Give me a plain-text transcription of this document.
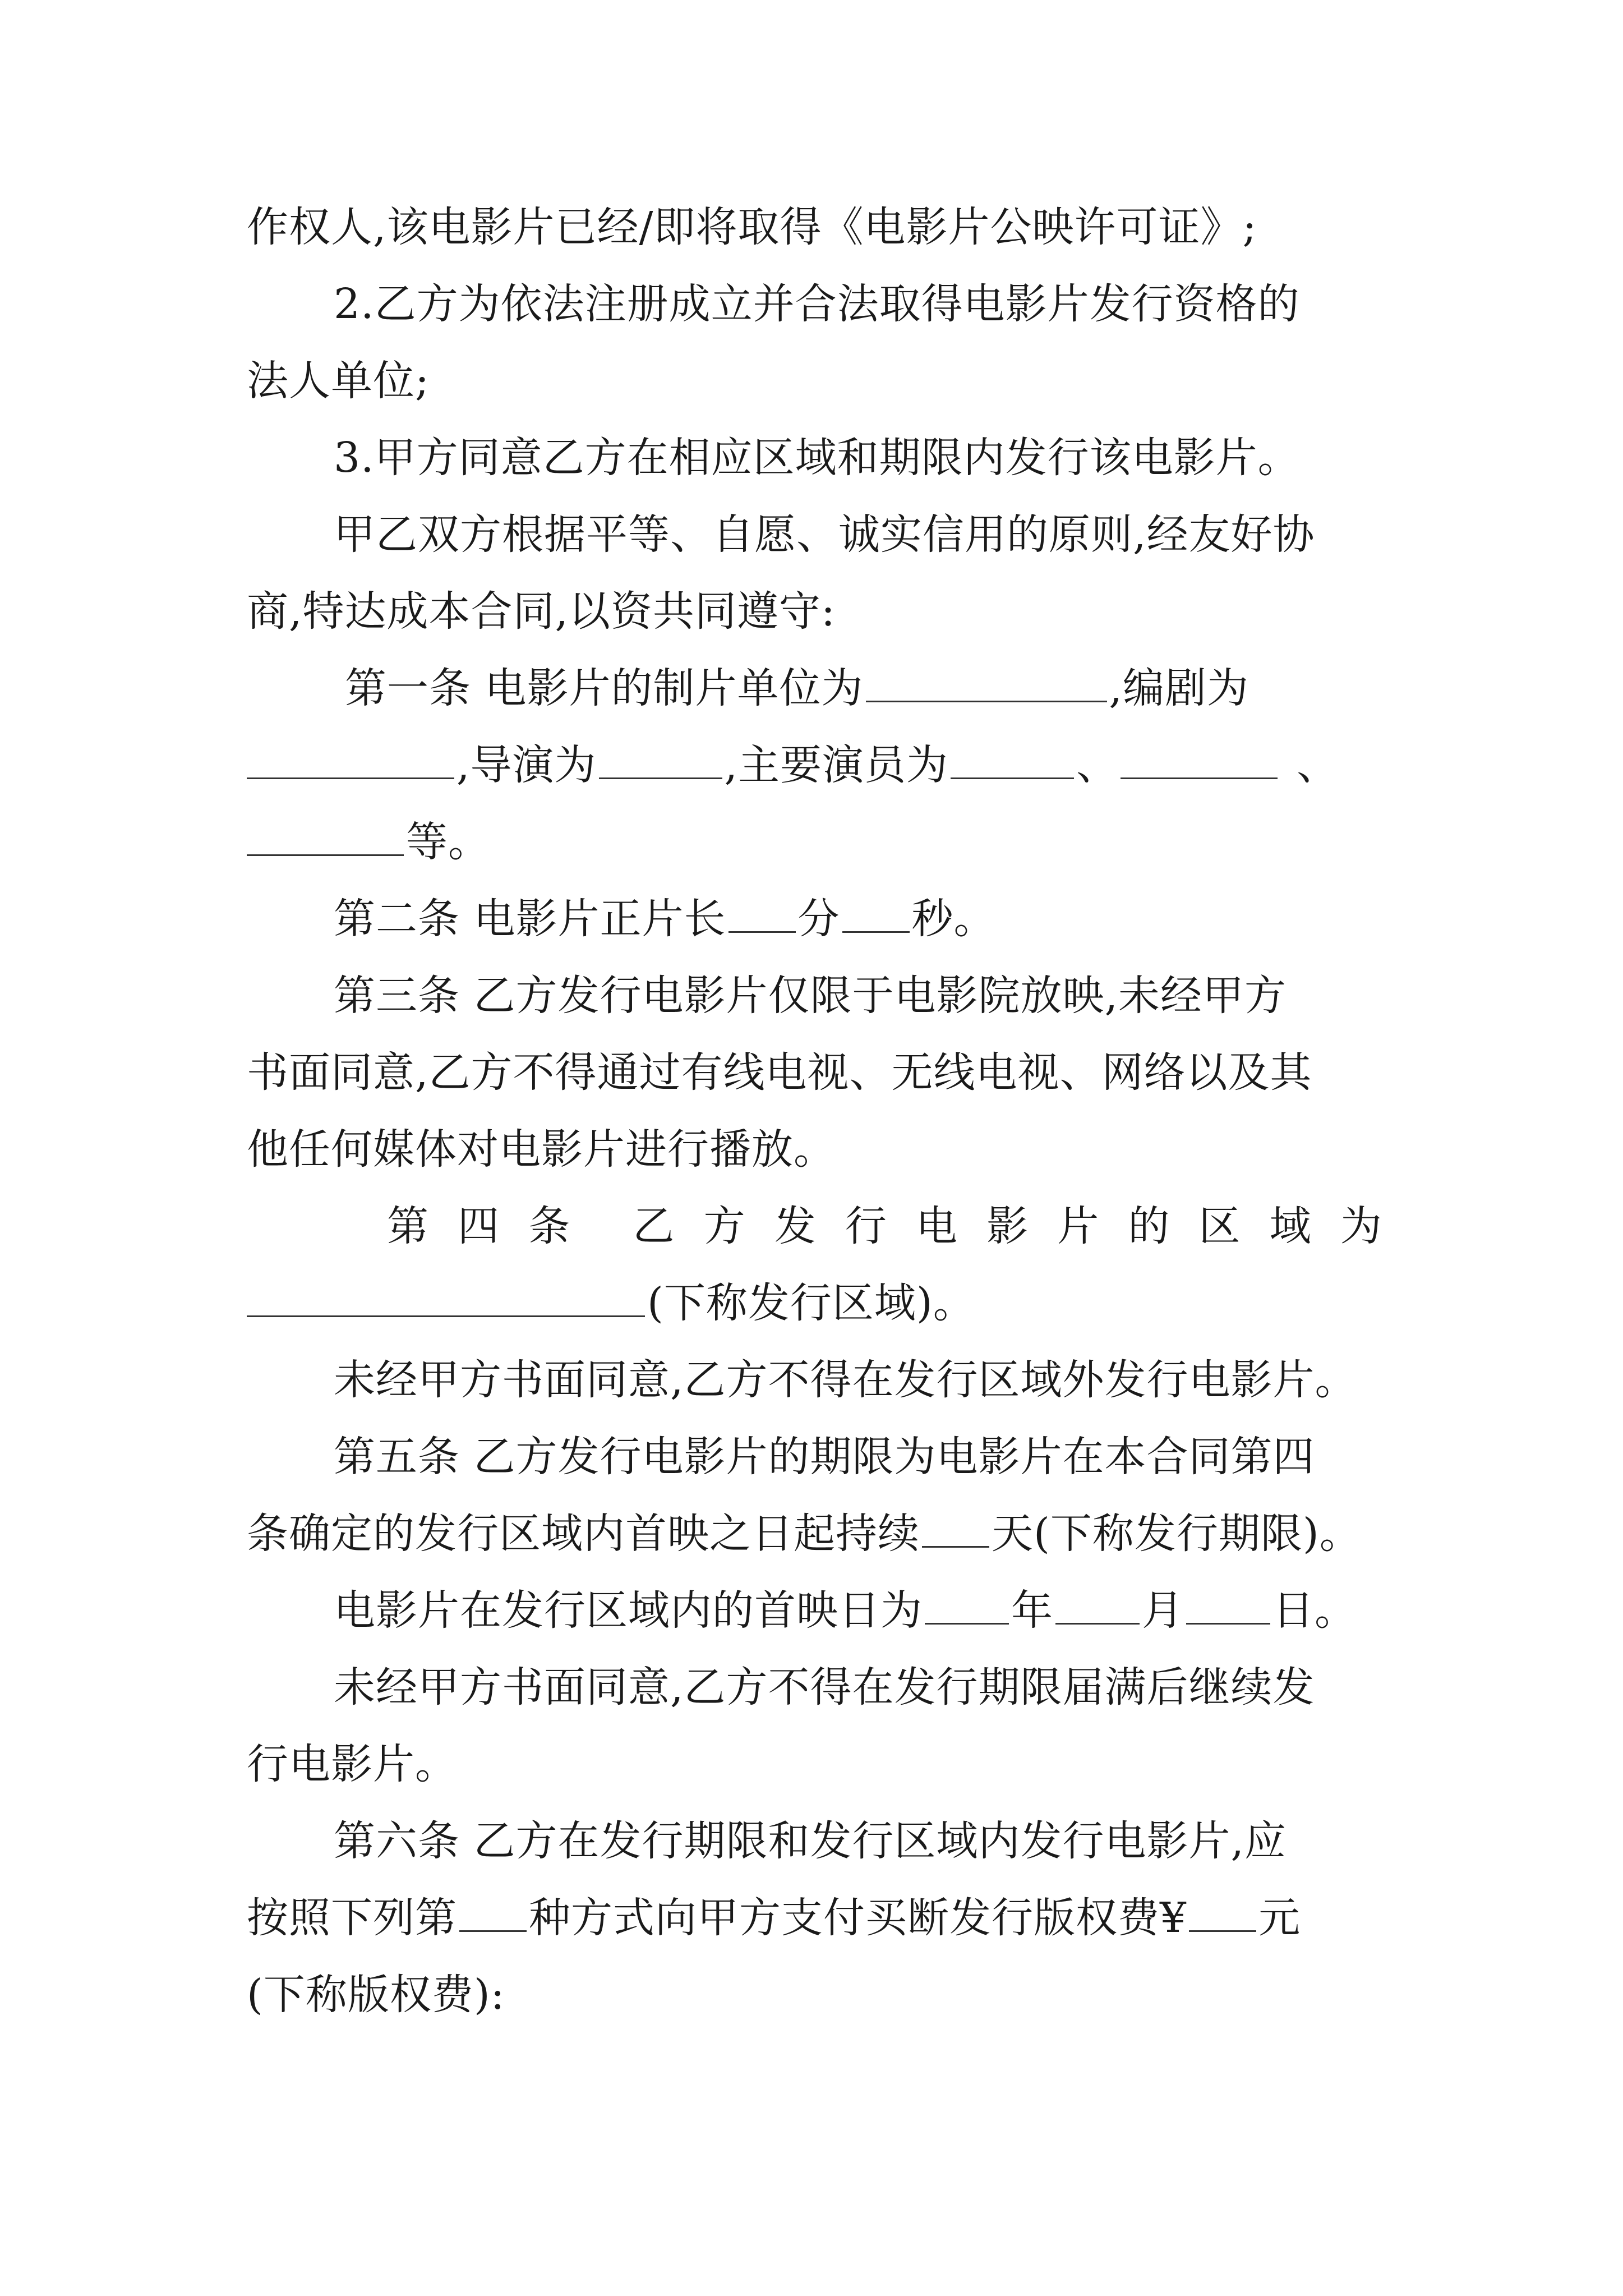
作权人,该电影片已经/即将取得《电影片公映许可证》;
2.乙方为依法注册成立并合法取得电影片发行资格的
法人单位;
3.甲方同意乙方在相应区域和期限内发行该电影片。
甲乙双方根据平等、自愿、诚实信用的原则,经友好协
商,特达成本合同,以资共同遵守:
第一条 电影片的制片单位为	,编剧为
,导演为	,主要演员为	、	、
等。
第二条 电影片正片长 分 秒。
第三条 乙方发行电影片仅限于电影院放映,未经甲方
书面同意,乙方不得通过有线电视、无线电视、网络以及其
他任何媒体对电影片进行播放。
第 四 条 乙 方 发 行 电 影 片 的 区 域 为
(下称发行区域)。
未经甲方书面同意,乙方不得在发行区域外发行电影片。
第五条 乙方发行电影片的期限为电影片在本合同第四
条确定的发行区域内首映之日起持续 天(下称发行期限)。
电影片在发行区域内的首映日为 年 月 日。
未经甲方书面同意,乙方不得在发行期限届满后继续发
行电影片。
第六条 乙方在发行期限和发行区域内发行电影片,应
按照下列第 种方式向甲方支付买断发行版权费¥ 元
(下称版权费):
